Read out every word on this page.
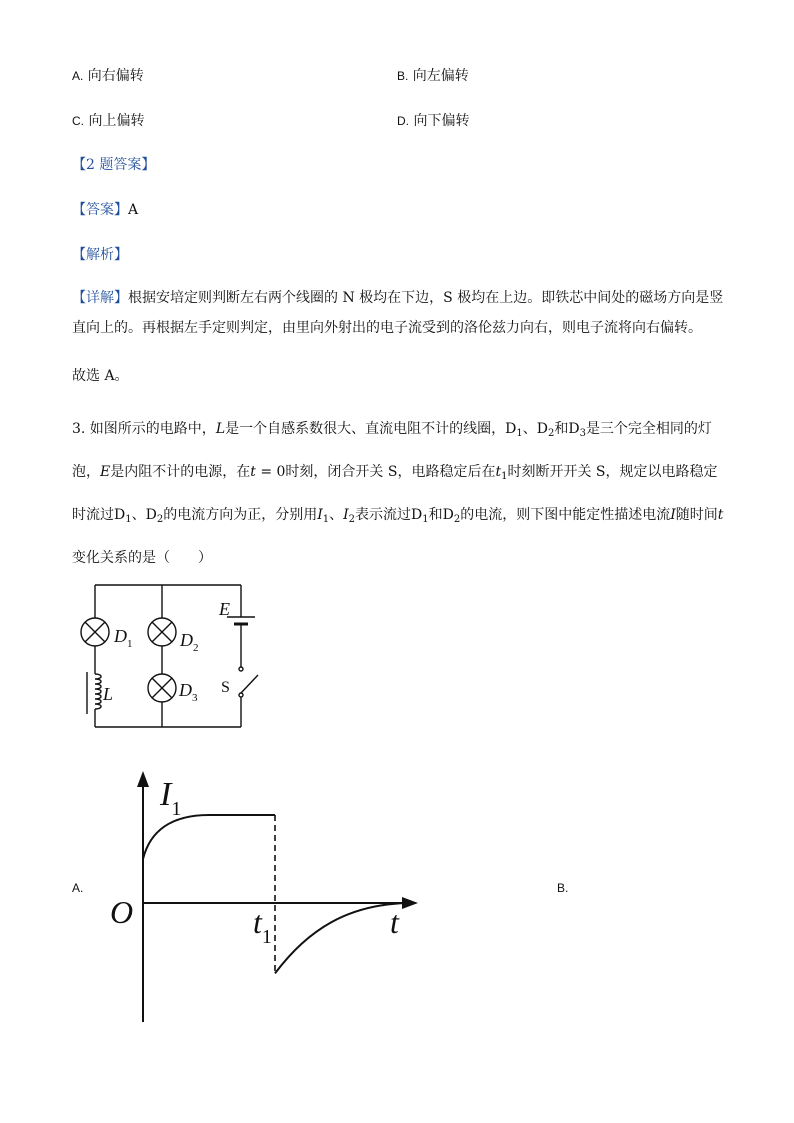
A. 向右偏转	B. 向左偏转
C. 向上偏转	D. 向下偏转
【2 题答案】
【答案】A
【解析】
【详解】根据安培定则判断左右两个线圈的 N 极均在下边，S 极均在上边。即铁芯中间处的磁场方向是竖直向上的。再根据左手定则判定，由里向外射出的电子流受到的洛伦兹力向右，则电子流将向右偏转。
故选 A。
3. 如图所示的电路中，L是一个自感系数很大、直流电阻不计的线圈，$D_1$、$D_2$和$D_3$是三个完全相同的灯泡，E是内阻不计的电源，在t = 0时刻，闭合开关 S，电路稳定后在$t_1$时刻断开开关 S，规定以电路稳定时流过$D_1$、$D_2$的电流方向为正，分别用$I_1$、$I_2$表示流过$D_1$和$D_2$的电流，则下图中能定性描述电流I随时间t变化关系的是（　　）
$D_1$	$D_2$
$D_3$
L
E
S
A.	B.
$I_1$
O	$t_1$	t
